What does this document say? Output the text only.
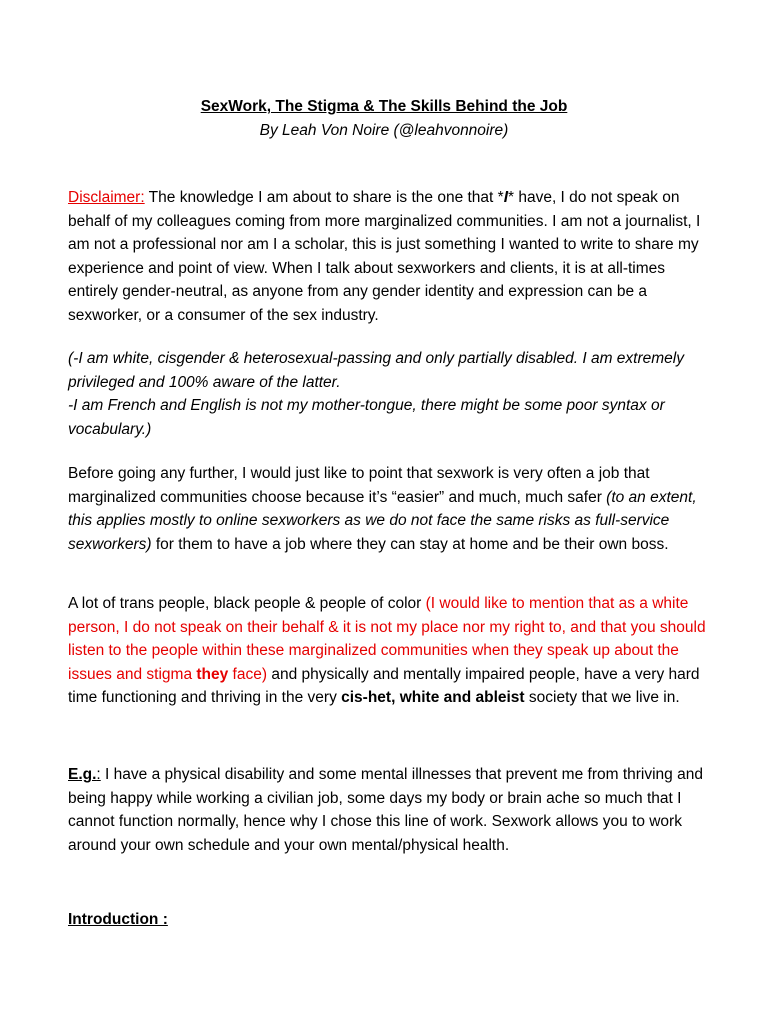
SexWork, The Stigma & The Skills Behind the Job
By Leah Von Noire (@leahvonnoire)
Disclaimer: The knowledge I am about to share is the one that *I* have, I do not speak on behalf of my colleagues coming from more marginalized communities. I am not a journalist, I am not a professional nor am I a scholar, this is just something I wanted to write to share my experience and point of view. When I talk about sexworkers and clients, it is at all-times entirely gender-neutral, as anyone from any gender identity and expression can be a sexworker, or a consumer of the sex industry.
(-I am white, cisgender & heterosexual-passing and only partially disabled. I am extremely privileged and 100% aware of the latter.
-I am French and English is not my mother-tongue, there might be some poor syntax or vocabulary.)
Before going any further, I would just like to point that sexwork is very often a job that marginalized communities choose because it’s “easier” and much, much safer (to an extent, this applies mostly to online sexworkers as we do not face the same risks as full-service sexworkers) for them to have a job where they can stay at home and be their own boss.
A lot of trans people, black people & people of color (I would like to mention that as a white person, I do not speak on their behalf & it is not my place nor my right to, and that you should listen to the people within these marginalized communities when they speak up about the issues and stigma they face) and physically and mentally impaired people, have a very hard time functioning and thriving in the very cis-het, white and ableist society that we live in.
E.g.: I have a physical disability and some mental illnesses that prevent me from thriving and being happy while working a civilian job, some days my body or brain ache so much that I cannot function normally, hence why I chose this line of work. Sexwork allows you to work around your own schedule and your own mental/physical health.
Introduction :
